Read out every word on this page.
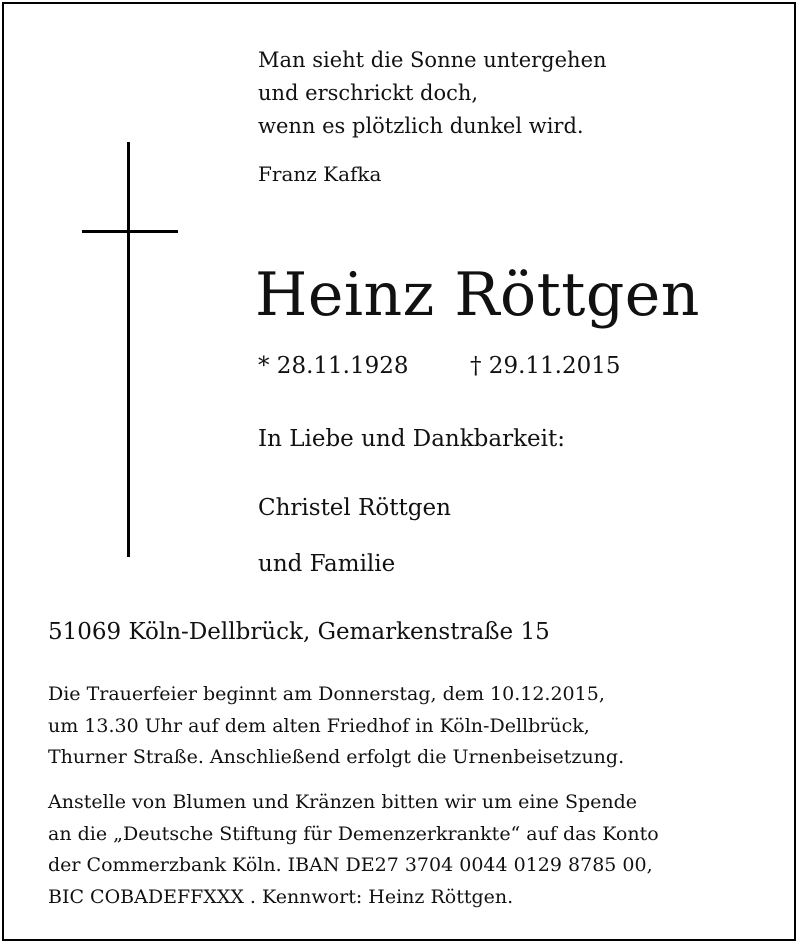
Man sieht die Sonne untergehen
und erschrickt doch,
wenn es plötzlich dunkel wird.
Franz Kafka
Heinz Röttgen
* 28.11.1928	† 29.11.2015
In Liebe und Dankbarkeit:
Christel Röttgen
und Familie
51069 Köln-Dellbrück, Gemarkenstraße 15
Die Trauerfeier beginnt am Donnerstag, dem 10.12.2015,
um 13.30 Uhr auf dem alten Friedhof in Köln-Dellbrück,
Thurner Straße. Anschließend erfolgt die Urnenbeisetzung.
Anstelle von Blumen und Kränzen bitten wir um eine Spende
an die „Deutsche Stiftung für Demenzerkrankte“ auf das Konto
der Commerzbank Köln. IBAN DE27 3704 0044 0129 8785 00,
BIC COBADEFFXXX . Kennwort: Heinz Röttgen.
